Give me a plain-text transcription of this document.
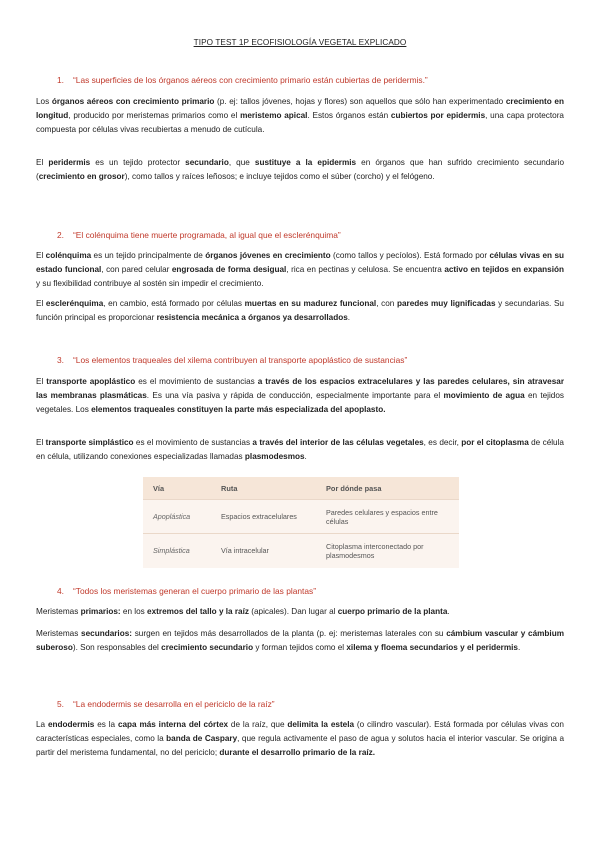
TIPO TEST 1P ECOFISIOLOGÍA VEGETAL EXPLICADO
1. “Las superficies de los órganos aéreos con crecimiento primario están cubiertas de peridermis.”
Los órganos aéreos con crecimiento primario (p. ej: tallos jóvenes, hojas y flores) son aquellos que sólo han experimentado crecimiento en longitud, producido por meristemas primarios como el meristemo apical. Estos órganos están cubiertos por epidermis, una capa protectora compuesta por células vivas recubiertas a menudo de cutícula.
El peridermis es un tejido protector secundario, que sustituye a la epidermis en órganos que han sufrido crecimiento secundario (crecimiento en grosor), como tallos y raíces leñosos; e incluye tejidos como el súber (corcho) y el felógeno.
2. “El colénquima tiene muerte programada, al igual que el esclerénquima”
El colénquima es un tejido principalmente de órganos jóvenes en crecimiento (como tallos y pecíolos). Está formado por células vivas en su estado funcional, con pared celular engrosada de forma desigual, rica en pectinas y celulosa. Se encuentra activo en tejidos en expansión y su flexibilidad contribuye al sostén sin impedir el crecimiento.
El esclerénquima, en cambio, está formado por células muertas en su madurez funcional, con paredes muy lignificadas y secundarias. Su función principal es proporcionar resistencia mecánica a órganos ya desarrollados.
3. “Los elementos traqueales del xilema contribuyen al transporte apoplástico de sustancias”
El transporte apoplástico es el movimiento de sustancias a través de los espacios extracelulares y las paredes celulares, sin atravesar las membranas plasmáticas. Es una vía pasiva y rápida de conducción, especialmente importante para el movimiento de agua en tejidos vegetales. Los elementos traqueales constituyen la parte más especializada del apoplasto.
El transporte simplástico es el movimiento de sustancias a través del interior de las células vegetales, es decir, por el citoplasma de célula en célula, utilizando conexiones especializadas llamadas plasmodesmos.
Vía	Ruta	Por dónde pasa
Apoplástica	Espacios extracelulares	Paredes celulares y espacios entre células
Simplástica	Vía intracelular	Citoplasma interconectado por plasmodesmos
4. “Todos los meristemas generan el cuerpo primario de las plantas”
Meristemas primarios: en los extremos del tallo y la raíz (apicales). Dan lugar al cuerpo primario de la planta.
Meristemas secundarios: surgen en tejidos más desarrollados de la planta (p. ej: meristemas laterales con su cámbium vascular y cámbium suberoso). Son responsables del crecimiento secundario y forman tejidos como el xilema y floema secundarios y el peridermis.
5. “La endodermis se desarrolla en el periciclo de la raíz”
La endodermis es la capa más interna del córtex de la raíz, que delimita la estela (o cilindro vascular). Está formada por células vivas con características especiales, como la banda de Caspary, que regula activamente el paso de agua y solutos hacia el interior vascular. Se origina a partir del meristema fundamental, no del periciclo; durante el desarrollo primario de la raíz.
